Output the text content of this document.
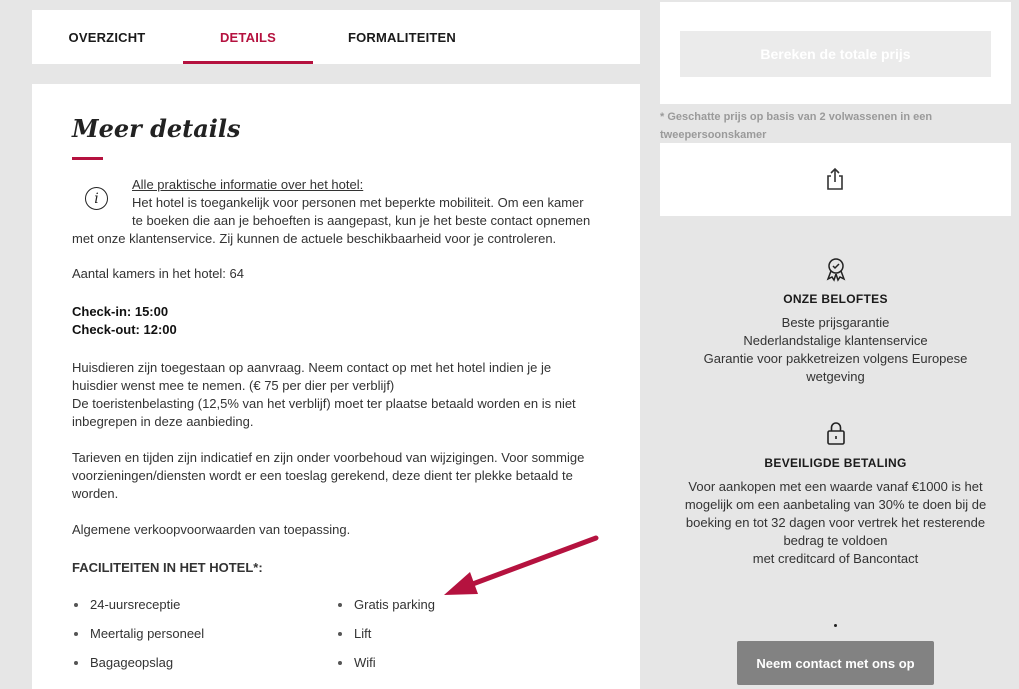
OVERZICHT	DETAILS	FORMALITEITEN
Meer details
i
Alle praktische informatie over het hotel:
Het hotel is toegankelijk voor personen met beperkte mobiliteit. Om een kamer
te boeken die aan je behoeften is aangepast, kun je het beste contact opnemen
met onze klantenservice. Zij kunnen de actuele beschikbaarheid voor je controleren.
Aantal kamers in het hotel: 64
Check-in: 15:00
Check-out: 12:00
Huisdieren zijn toegestaan op aanvraag. Neem contact op met het hotel indien je je
huisdier wenst mee te nemen. (€ 75 per dier per verblijf)
De toeristenbelasting (12,5% van het verblijf) moet ter plaatse betaald worden en is niet
inbegrepen in deze aanbieding.
Tarieven en tijden zijn indicatief en zijn onder voorbehoud van wijzigingen. Voor sommige
voorzieningen/diensten wordt er een toeslag gerekend, deze dient ter plekke betaald te
worden.
Algemene verkoopvoorwaarden van toepassing.
FACILITEITEN IN HET HOTEL*:
24-uursreceptie
Meertalig personeel
Bagageopslag
Gratis parking
Lift
Wifi
Bereken de totale prijs
* Geschatte prijs op basis van 2 volwassenen in een tweepersoonskamer
ONZE BELOFTES
Beste prijsgarantie
Nederlandstalige klantenservice
Garantie voor pakketreizen volgens Europese
wetgeving
BEVEILIGDE BETALING
Voor aankopen met een waarde vanaf €1000 is het
mogelijk om een aanbetaling van 30% te doen bij de
boeking en tot 32 dagen voor vertrek het resterende
bedrag te voldoen
met creditcard of Bancontact
Neem contact met ons op
